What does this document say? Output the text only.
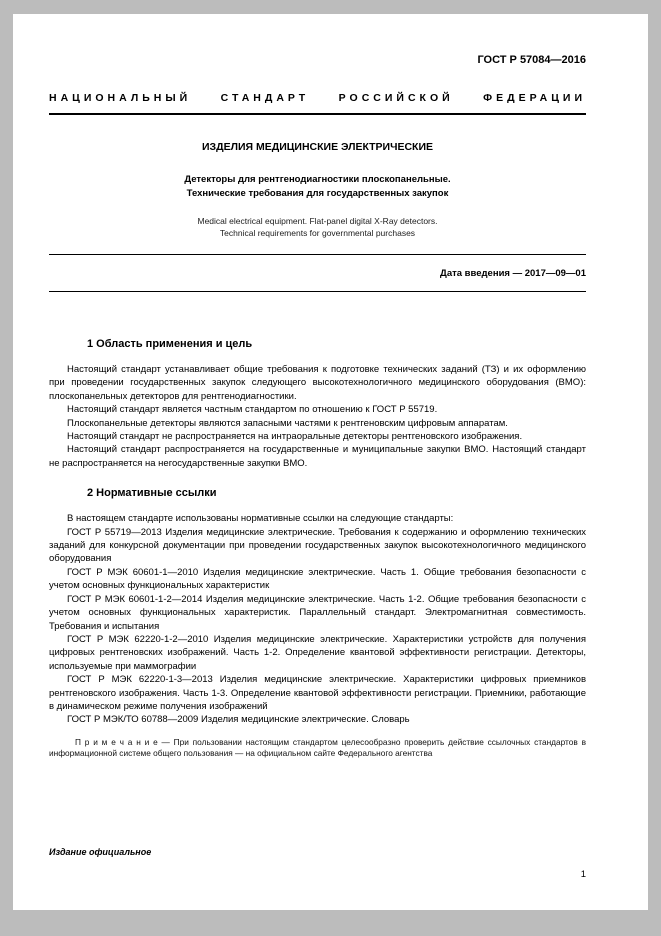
ГОСТ Р 57084—2016
НАЦИОНАЛЬНЫЙ СТАНДАРТ РОССИЙСКОЙ ФЕДЕРАЦИИ
ИЗДЕЛИЯ МЕДИЦИНСКИЕ ЭЛЕКТРИЧЕСКИЕ
Детекторы для рентгенодиагностики плоскопанельные.
Технические требования для государственных закупок
Medical electrical equipment. Flat-panel digital X-Ray detectors.
Technical requirements for governmental purchases
Дата введения — 2017—09—01
1 Область применения и цель

Настоящий стандарт устанавливает общие требования к подготовке технических заданий (ТЗ) и их оформлению при проведении государственных закупок следующего высокотехнологичного медицинского оборудования (ВМО): плоскопанельных детекторов для рентгенодиагностики.

Настоящий стандарт является частным стандартом по отношению к ГОСТ Р 55719.

Плоскопанельные детекторы являются запасными частями к рентгеновским цифровым аппаратам.

Настоящий стандарт не распространяется на интраоральные детекторы рентгеновского изображения.

Настоящий стандарт распространяется на государственные и муниципальные закупки ВМО. Настоящий стандарт не распространяется на негосударственные закупки ВМО.

2 Нормативные ссылки

В настоящем стандарте использованы нормативные ссылки на следующие стандарты:

ГОСТ Р 55719—2013 Изделия медицинские электрические. Требования к содержанию и оформлению технических заданий для конкурсной документации при проведении государственных закупок высокотехнологичного медицинского оборудования

ГОСТ Р МЭК 60601-1—2010 Изделия медицинские электрические. Часть 1. Общие требования безопасности с учетом основных функциональных характеристик

ГОСТ Р МЭК 60601-1-2—2014 Изделия медицинские электрические. Часть 1-2. Общие требования безопасности с учетом основных функциональных характеристик. Параллельный стандарт. Электромагнитная совместимость. Требования и испытания

ГОСТ Р МЭК 62220-1-2—2010 Изделия медицинские электрические. Характеристики устройств для получения цифровых рентгеновских изображений. Часть 1-2. Определение квантовой эффективности регистрации. Детекторы, используемые при маммографии

ГОСТ Р МЭК 62220-1-3—2013 Изделия медицинские электрические. Характеристики цифровых приемников рентгеновского изображения. Часть 1-3. Определение квантовой эффективности регистрации. Приемники, работающие в динамическом режиме получения изображений

ГОСТ Р МЭК/ТО 60788—2009 Изделия медицинские электрические. Словарь

П р и м е ч а н и е — При пользовании настоящим стандартом целесообразно проверить действие ссылочных стандартов в информационной системе общего пользования — на официальном сайте Федерального агентства

Издание официальное
1
